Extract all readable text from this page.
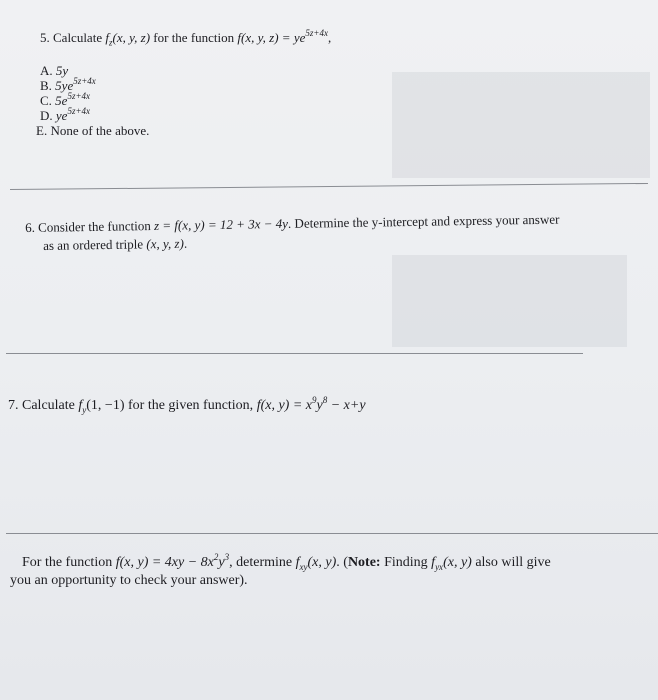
5. Calculate $f_z(x$, y, z) for the function f(x, y, $z) = ye^{5z+4x}$,
A. 5y
B. $5ye^{5z+4x}$
C. $5e^{5z+4x}$
D. $ye^{5z+4x}$
E. None of the above.
6. Consider the function z = f(x, y) = 12 + 3x − 4y. Determine the y-intercept and express your answer
as an ordered triple (x, y, z).
7. Calculate $f_y(1$, −1) for the given function, f(x, $y) = x^9y^8 - x+y$
For the function f(x, $y) = 4xy - 8x^2y^3$, determine $f_{xy}(x$, y). (Note: Finding $f_{yx}(x$, y) also will give
you an opportunity to check your answer).
